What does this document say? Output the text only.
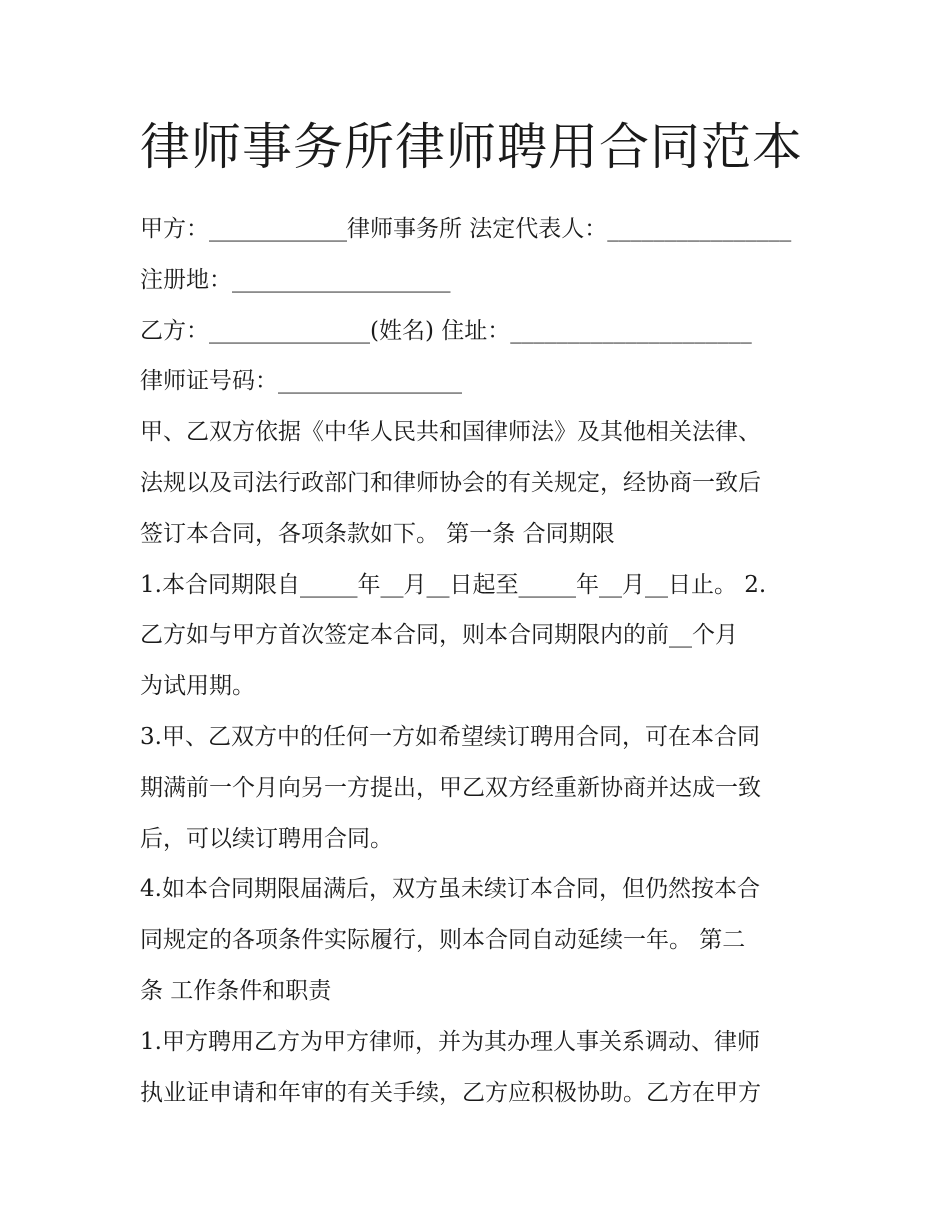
律师事务所律师聘用合同范本
甲方：____________律师事务所 法定代表人：________________
注册地：___________________
乙方：______________(姓名) 住址：_____________________
律师证号码：________________
甲、乙双方依据《中华人民共和国律师法》及其他相关法律、
法规以及司法行政部门和律师协会的有关规定，经协商一致后
签订本合同，各项条款如下。 第一条 合同期限
1.本合同期限自_____年__月__日起至_____年__月__日止。 2.
乙方如与甲方首次签定本合同，则本合同期限内的前__个月
为试用期。
3.甲、乙双方中的任何一方如希望续订聘用合同，可在本合同
期满前一个月向另一方提出，甲乙双方经重新协商并达成一致
后，可以续订聘用合同。
4.如本合同期限届满后，双方虽未续订本合同，但仍然按本合
同规定的各项条件实际履行，则本合同自动延续一年。 第二
条 工作条件和职责
1.甲方聘用乙方为甲方律师，并为其办理人事关系调动、律师
执业证申请和年审的有关手续，乙方应积极协助。乙方在甲方
